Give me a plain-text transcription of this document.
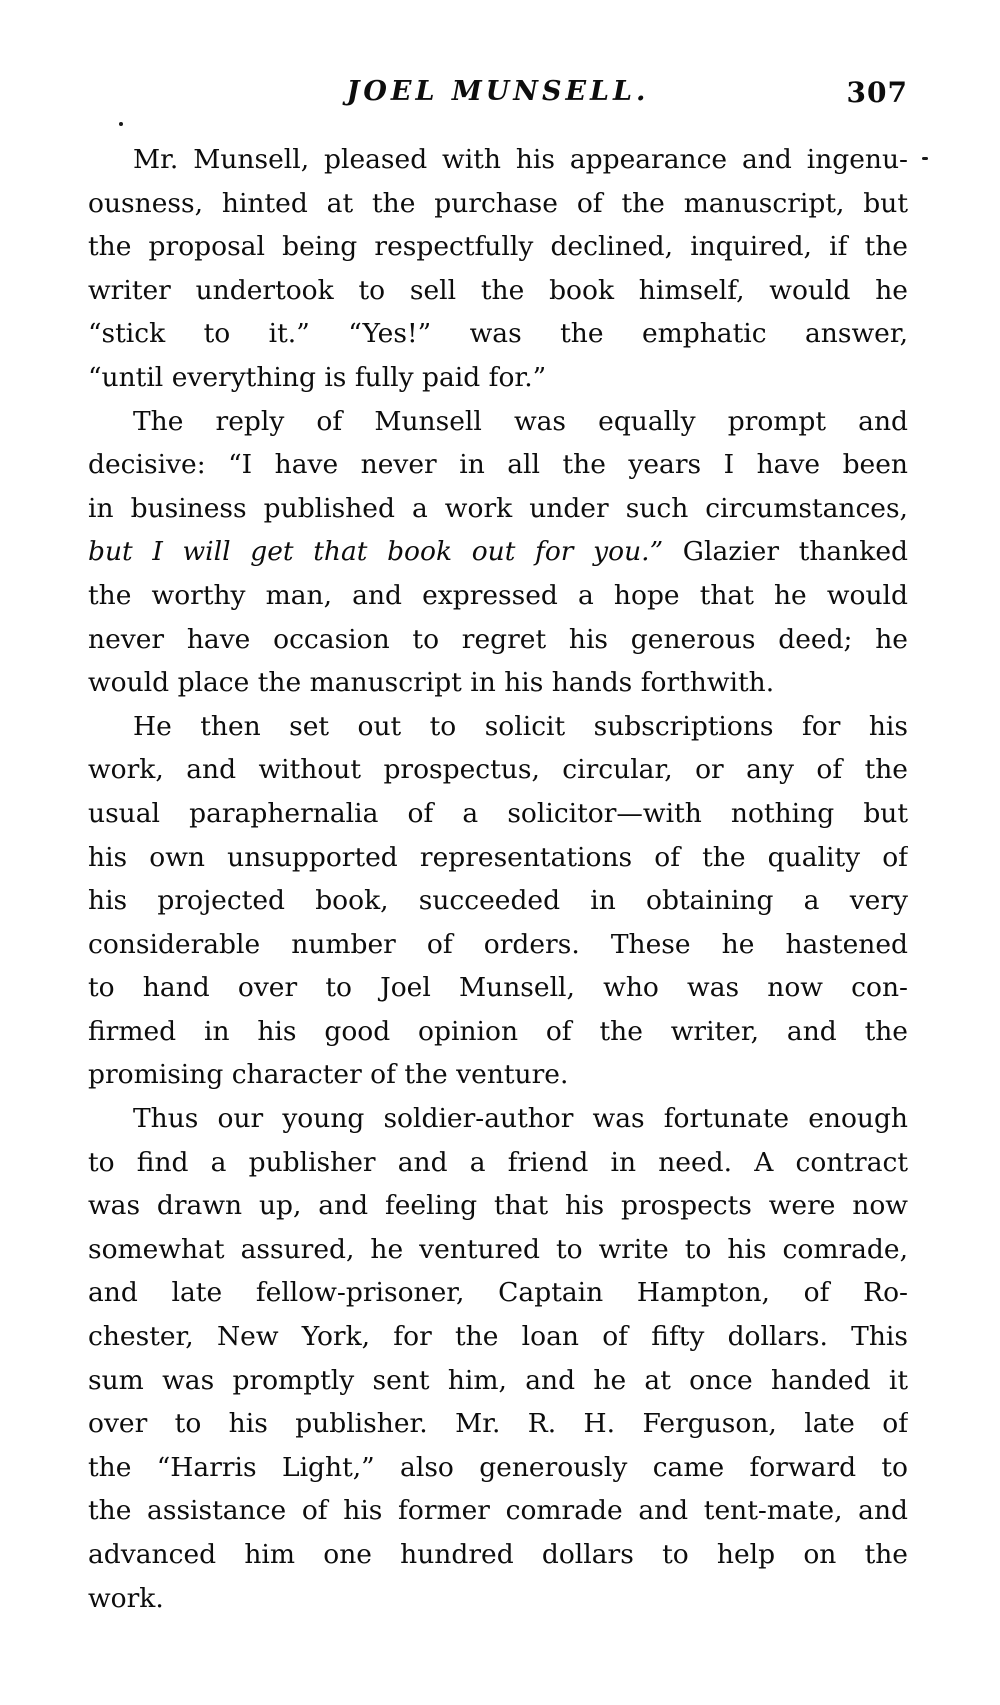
JOEL MUNSELL.	307

Mr. Munsell, pleased with his appearance and ingenu-

ousness, hinted at the purchase of the manuscript, but

the proposal being respectfully declined, inquired, if the

writer undertook to sell the book himself, would he

“stick to it.” “Yes!” was the emphatic answer,

“until everything is fully paid for.”

The reply of Munsell was equally prompt and

decisive: “I have never in all the years I have been

in business published a work under such circumstances,

but I will get that book out for you.” Glazier thanked

the worthy man, and expressed a hope that he would

never have occasion to regret his generous deed; he

would place the manuscript in his hands forthwith.

He then set out to solicit subscriptions for his

work, and without prospectus, circular, or any of the

usual paraphernalia of a solicitor—with nothing but

his own unsupported representations of the quality of

his projected book, succeeded in obtaining a very

considerable number of orders. These he hastened

to hand over to Joel Munsell, who was now con-

firmed in his good opinion of the writer, and the

promising character of the venture.

Thus our young soldier-author was fortunate enough

to find a publisher and a friend in need. A contract

was drawn up, and feeling that his prospects were now

somewhat assured, he ventured to write to his comrade,

and late fellow-prisoner, Captain Hampton, of Ro-

chester, New York, for the loan of fifty dollars. This

sum was promptly sent him, and he at once handed it

over to his publisher. Mr. R. H. Ferguson, late of

the “Harris Light,” also generously came forward to

the assistance of his former comrade and tent-mate, and

advanced him one hundred dollars to help on the

work.
